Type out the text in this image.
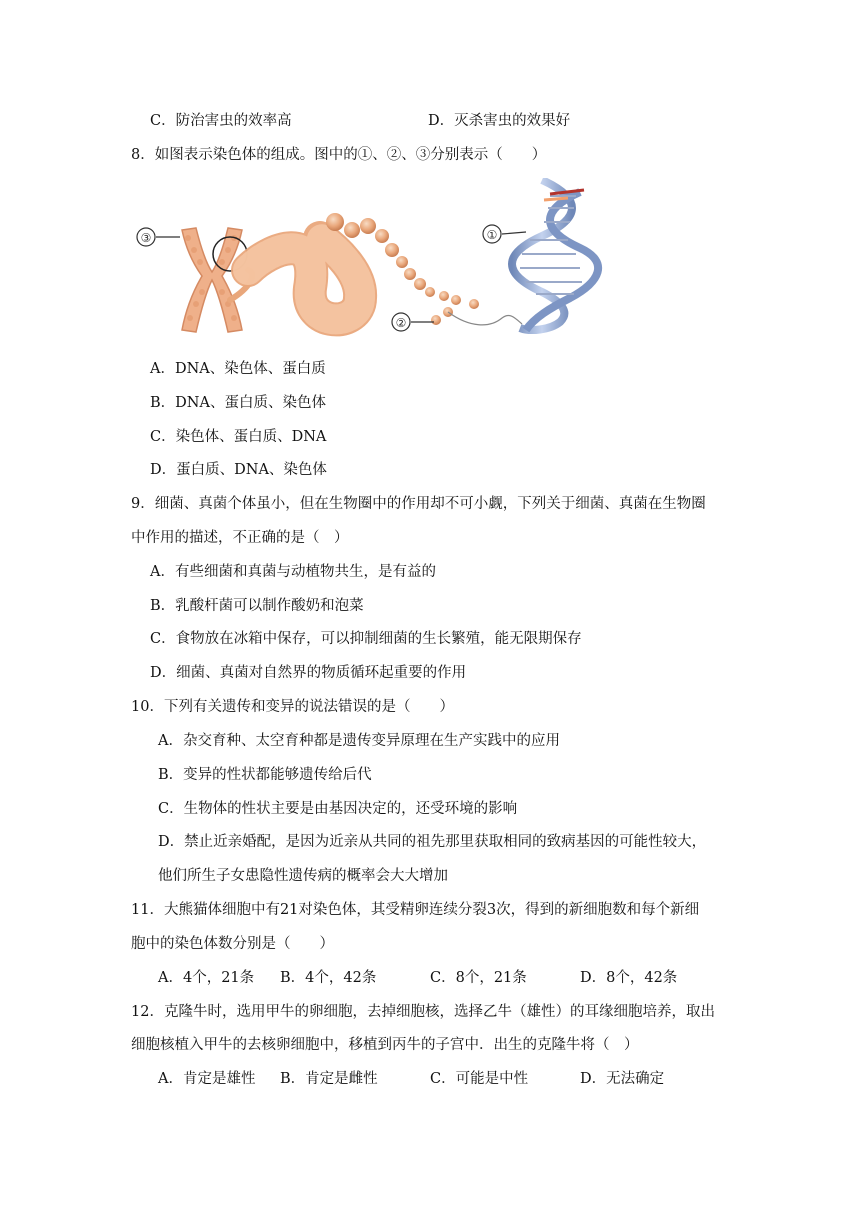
C．防治害虫的效率高	D．灭杀害虫的效果好
8．如图表示染色体的组成。图中的①、②、③分别表示（　　）
③
②
①
A．DNA、染色体、蛋白质
B．DNA、蛋白质、染色体
C．染色体、蛋白质、DNA
D．蛋白质、DNA、染色体
9．细菌、真菌个体虽小，但在生物圈中的作用却不可小觑，下列关于细菌、真菌在生物圈
中作用的描述，不正确的是（　）
A．有些细菌和真菌与动植物共生，是有益的
B．乳酸杆菌可以制作酸奶和泡菜
C．食物放在冰箱中保存，可以抑制细菌的生长繁殖，能无限期保存
D．细菌、真菌对自然界的物质循环起重要的作用
10．下列有关遗传和变异的说法错误的是（　　）
A．杂交育种、太空育种都是遗传变异原理在生产实践中的应用
B．变异的性状都能够遗传给后代
C．生物体的性状主要是由基因决定的，还受环境的影响
D．禁止近亲婚配，是因为近亲从共同的祖先那里获取相同的致病基因的可能性较大，
他们所生子女患隐性遗传病的概率会大大增加
11．大熊猫体细胞中有21对染色体，其受精卵连续分裂3次，得到的新细胞数和每个新细
胞中的染色体数分别是（　　）
A．4个，21条 B．4个，42条	C．8个，21条	D．8个，42条
12．克隆牛时，选用甲牛的卵细胞，去掉细胞核，选择乙牛（雄性）的耳缘细胞培养，取出
细胞核植入甲牛的去核卵细胞中，移植到丙牛的子宫中．出生的克隆牛将（　）
A．肯定是雄性 B．肯定是雌性	C．可能是中性	D．无法确定
